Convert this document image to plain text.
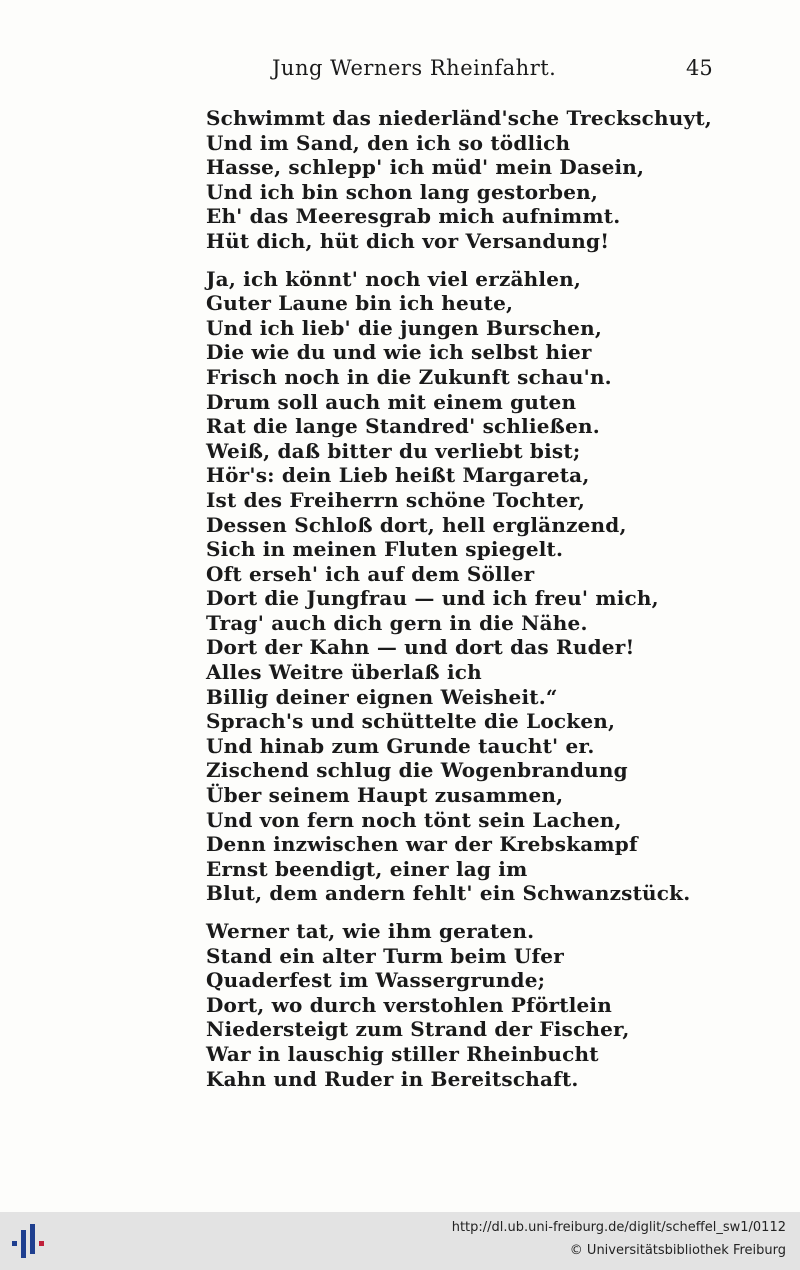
Jung Werners Rheinfahrt.	45
Schwimmt das niederländ'sche Treckschuyt,
Und im Sand, den ich so tödlich
Hasse, schlepp' ich müd' mein Dasein,
Und ich bin schon lang gestorben,
Eh' das Meeresgrab mich aufnimmt.
Hüt dich, hüt dich vor Versandung!
Ja, ich könnt' noch viel erzählen,
Guter Laune bin ich heute,
Und ich lieb' die jungen Burschen,
Die wie du und wie ich selbst hier
Frisch noch in die Zukunft schau'n.
Drum soll auch mit einem guten
Rat die lange Standred' schließen.
Weiß, daß bitter du verliebt bist;
Hör's: dein Lieb heißt Margareta,
Ist des Freiherrn schöne Tochter,
Dessen Schloß dort, hell erglänzend,
Sich in meinen Fluten spiegelt.
Oft erseh' ich auf dem Söller
Dort die Jungfrau — und ich freu' mich,
Trag' auch dich gern in die Nähe.
Dort der Kahn — und dort das Ruder!
Alles Weitre überlaß ich
Billig deiner eignen Weisheit.“
Sprach's und schüttelte die Locken,
Und hinab zum Grunde taucht' er.
Zischend schlug die Wogenbrandung
Über seinem Haupt zusammen,
Und von fern noch tönt sein Lachen,
Denn inzwischen war der Krebskampf
Ernst beendigt, einer lag im
Blut, dem andern fehlt' ein Schwanzstück.
Werner tat, wie ihm geraten.
Stand ein alter Turm beim Ufer
Quaderfest im Wassergrunde;
Dort, wo durch verstohlen Pförtlein
Niedersteigt zum Strand der Fischer,
War in lauschig stiller Rheinbucht
Kahn und Ruder in Bereitschaft.
http://dl.ub.uni-freiburg.de/diglit/scheffel_sw1/0112
© Universitätsbibliothek Freiburg
